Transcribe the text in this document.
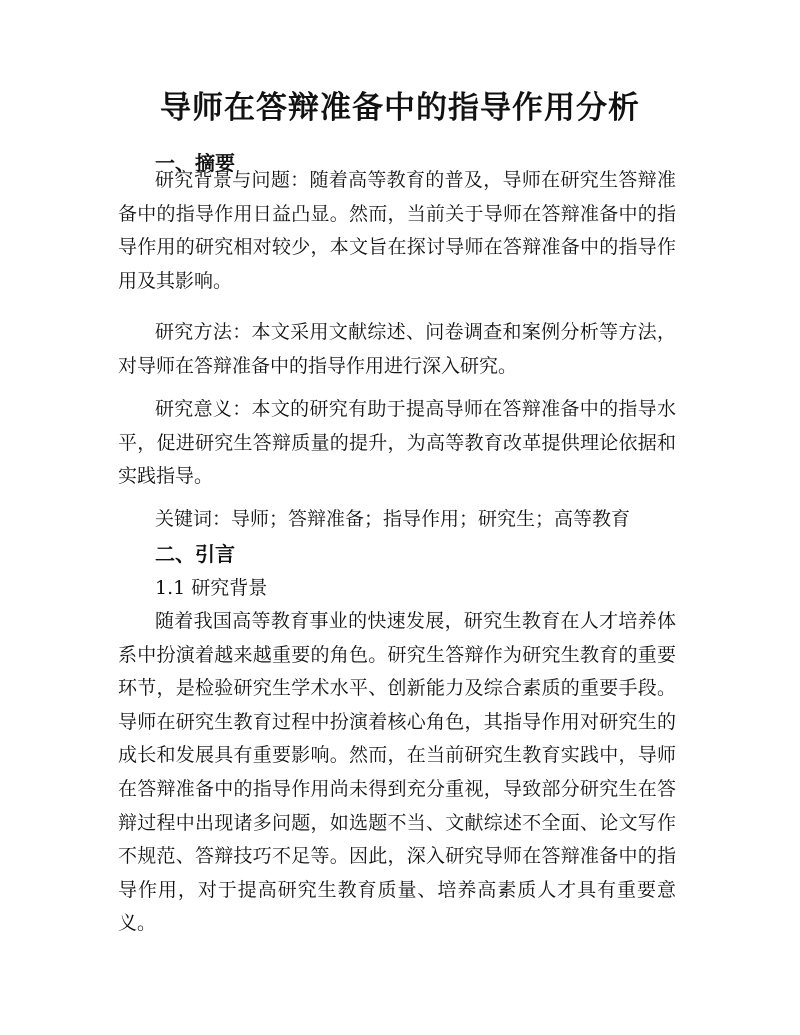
导师在答辩准备中的指导作用分析
一、摘要

研究背景与问题：随着高等教育的普及，导师在研究生答辩准备中的指导作用日益凸显。然而，当前关于导师在答辩准备中的指导作用的研究相对较少，本文旨在探讨导师在答辩准备中的指导作用及其影响。

研究方法：本文采用文献综述、问卷调查和案例分析等方法，对导师在答辩准备中的指导作用进行深入研究。

研究意义：本文的研究有助于提高导师在答辩准备中的指导水平，促进研究生答辩质量的提升，为高等教育改革提供理论依据和实践指导。

关键词：导师；答辩准备；指导作用；研究生；高等教育
二、引言
1.1 研究背景

随着我国高等教育事业的快速发展，研究生教育在人才培养体系中扮演着越来越重要的角色。研究生答辩作为研究生教育的重要环节，是检验研究生学术水平、创新能力及综合素质的重要手段。导师在研究生教育过程中扮演着核心角色，其指导作用对研究生的成长和发展具有重要影响。然而，在当前研究生教育实践中，导师在答辩准备中的指导作用尚未得到充分重视，导致部分研究生在答辩过程中出现诸多问题，如选题不当、文献综述不全面、论文写作不规范、答辩技巧不足等。因此，深入研究导师在答辩准备中的指导作用，对于提高研究生教育质量、培养高素质人才具有重要意义。
